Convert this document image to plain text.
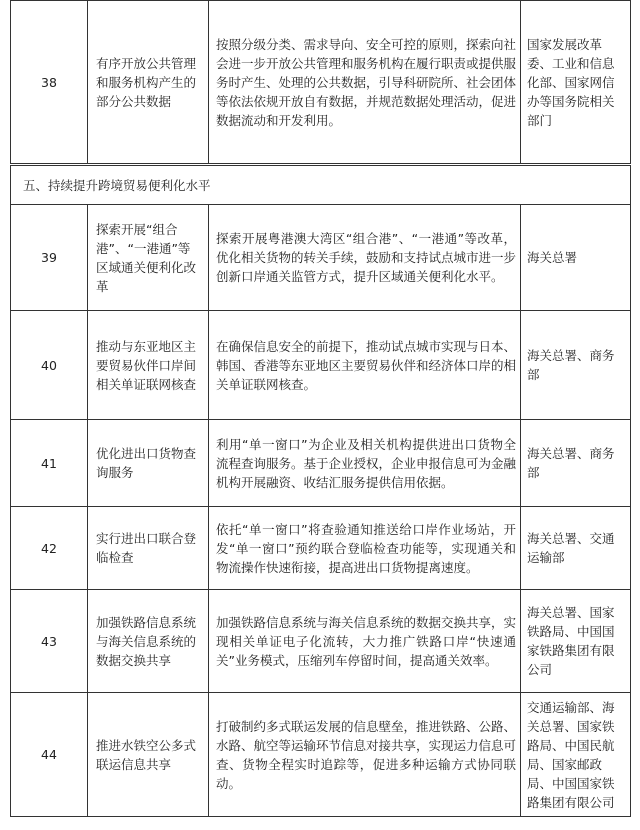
38	有序开放公共管理和服务机构产生的部分公共数据	按照分级分类、需求导向、安全可控的原则，探索向社会进一步开放公共管理和服务机构在履行职责或提供服务时产生、处理的公共数据，引导科研院所、社会团体等依法依规开放自有数据，并规范数据处理活动，促进数据流动和开发利用。	国家发展改革委、工业和信息化部、国家网信办等国务院相关部门
五、持续提升跨境贸易便利化水平			
39	探索开展“组合港”、“一港通”等区域通关便利化改革	探索开展粤港澳大湾区“组合港”、“一港通”等改革，优化相关货物的转关手续，鼓励和支持试点城市进一步创新口岸通关监管方式，提升区域通关便利化水平。	海关总署
40	推动与东亚地区主要贸易伙伴口岸间相关单证联网核查	在确保信息安全的前提下，推动试点城市实现与日本、韩国、香港等东亚地区主要贸易伙伴和经济体口岸的相关单证联网核查。	海关总署、商务部
41	优化进出口货物查询服务	利用“单一窗口”为企业及相关机构提供进出口货物全流程查询服务。基于企业授权，企业申报信息可为金融机构开展融资、收结汇服务提供信用依据。	海关总署、商务部
42	实行进出口联合登临检查	依托“单一窗口”将查验通知推送给口岸作业场站，开发“单一窗口”预约联合登临检查功能等，实现通关和物流操作快速衔接，提高进出口货物提离速度。	海关总署、交通运输部
43	加强铁路信息系统与海关信息系统的数据交换共享	加强铁路信息系统与海关信息系统的数据交换共享，实现相关单证电子化流转，大力推广铁路口岸“快速通关”业务模式，压缩列车停留时间，提高通关效率。	海关总署、国家铁路局、中国国家铁路集团有限公司
44	推进水铁空公多式联运信息共享	打破制约多式联运发展的信息壁垒，推进铁路、公路、水路、航空等运输环节信息对接共享，实现运力信息可查、货物全程实时追踪等，促进多种运输方式协同联动。	交通运输部、海关总署、国家铁路局、中国民航局、国家邮政局、中国国家铁路集团有限公司
